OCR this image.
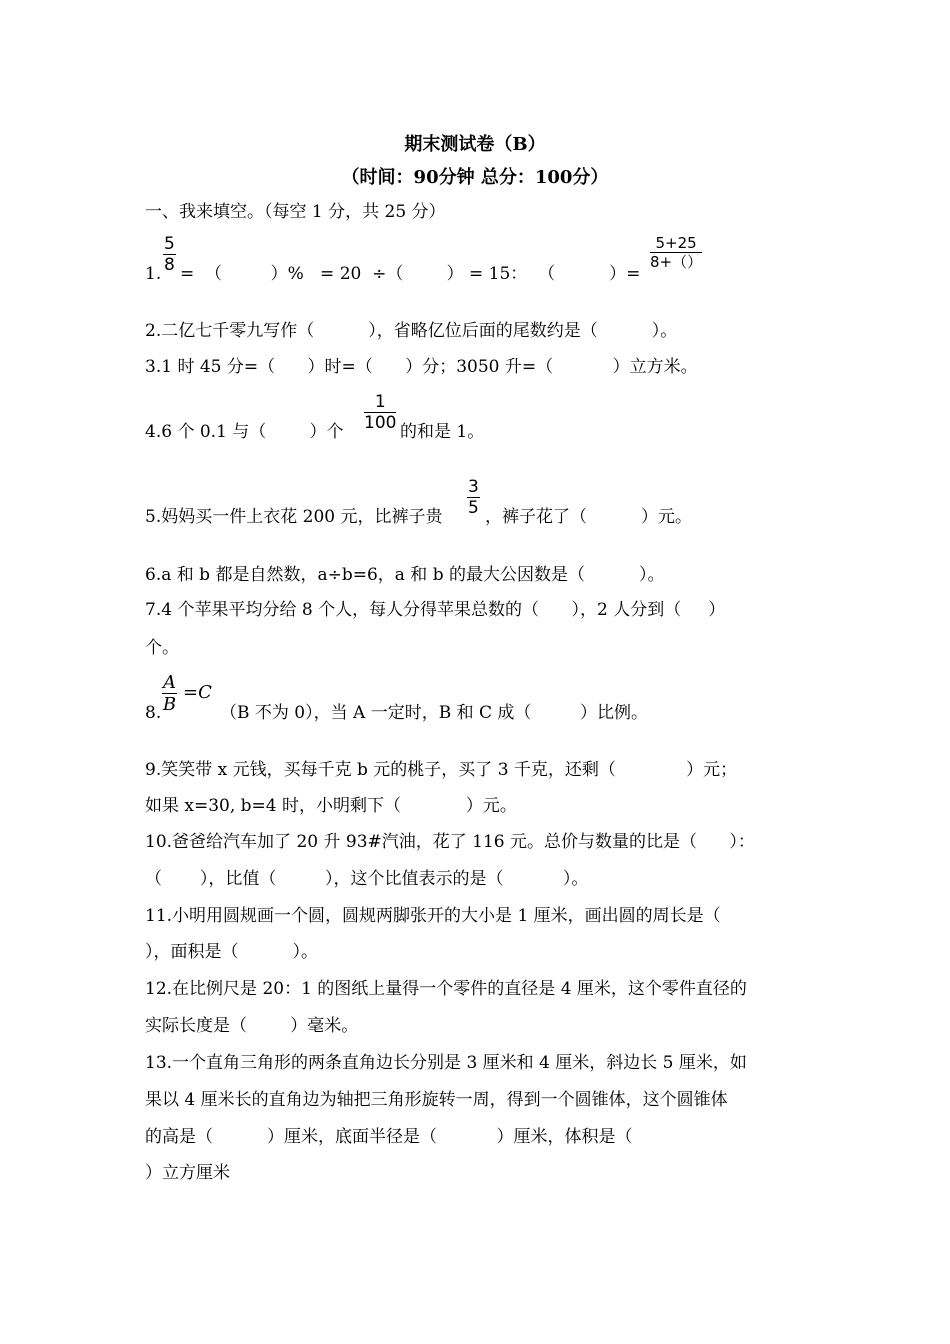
期末测试卷（B）
（时间：90分钟 总分：100分）
一、我来填空。（每空 1 分，共 25 分）
1. $\frac{5}{8}$ =  （         ）%   = 20  ÷（        ） = 15：  （          ）=
$\frac{5+25}{8+()}$
2.二亿七千零九写作（          ），省略亿位后面的尾数约是（          ）。
3.1 时 45 分=（      ）时=（      ）分；3050 升=（           ）立方米。
4.6 个 0.1 与（        ）个 $\frac{1}{100}$ 的和是 1。
5.妈妈买一件上衣花 200 元，比裤子贵 $\frac{3}{5}$ ，裤子花了（          ）元。
6.a 和 b 都是自然数，a÷b=6，a 和 b 的最大公因数是（          ）。
7.4 个苹果平均分给 8 个人，每人分得苹果总数的（      ），2 人分到（     ）
个。
8. $\frac{A}{B} =C$
（B 不为 0），当 A 一定时，B 和 C 成（         ）比例。
9.笑笑带 x 元钱，买每千克 b 元的桃子，买了 3 千克，还剩（             ）元；
如果 x=30, b=4 时，小明剩下（            ）元。
10.爸爸给汽车加了 20 升 93#汽油，花了 116 元。总价与数量的比是（      ）：
（       ），比值（         ），这个比值表示的是（           ）。
11.小明用圆规画一个圆，圆规两脚张开的大小是 1 厘米，画出圆的周长是（
），面积是（          ）。
12.在比例尺是 20：1 的图纸上量得一个零件的直径是 4 厘米，这个零件直径的
实际长度是（        ）毫米。
13.一个直角三角形的两条直角边长分别是 3 厘米和 4 厘米，斜边长 5 厘米，如
果以 4 厘米长的直角边为轴把三角形旋转一周，得到一个圆锥体，这个圆锥体
的高是（          ）厘米，底面半径是（           ）厘米，体积是（
）立方厘米
